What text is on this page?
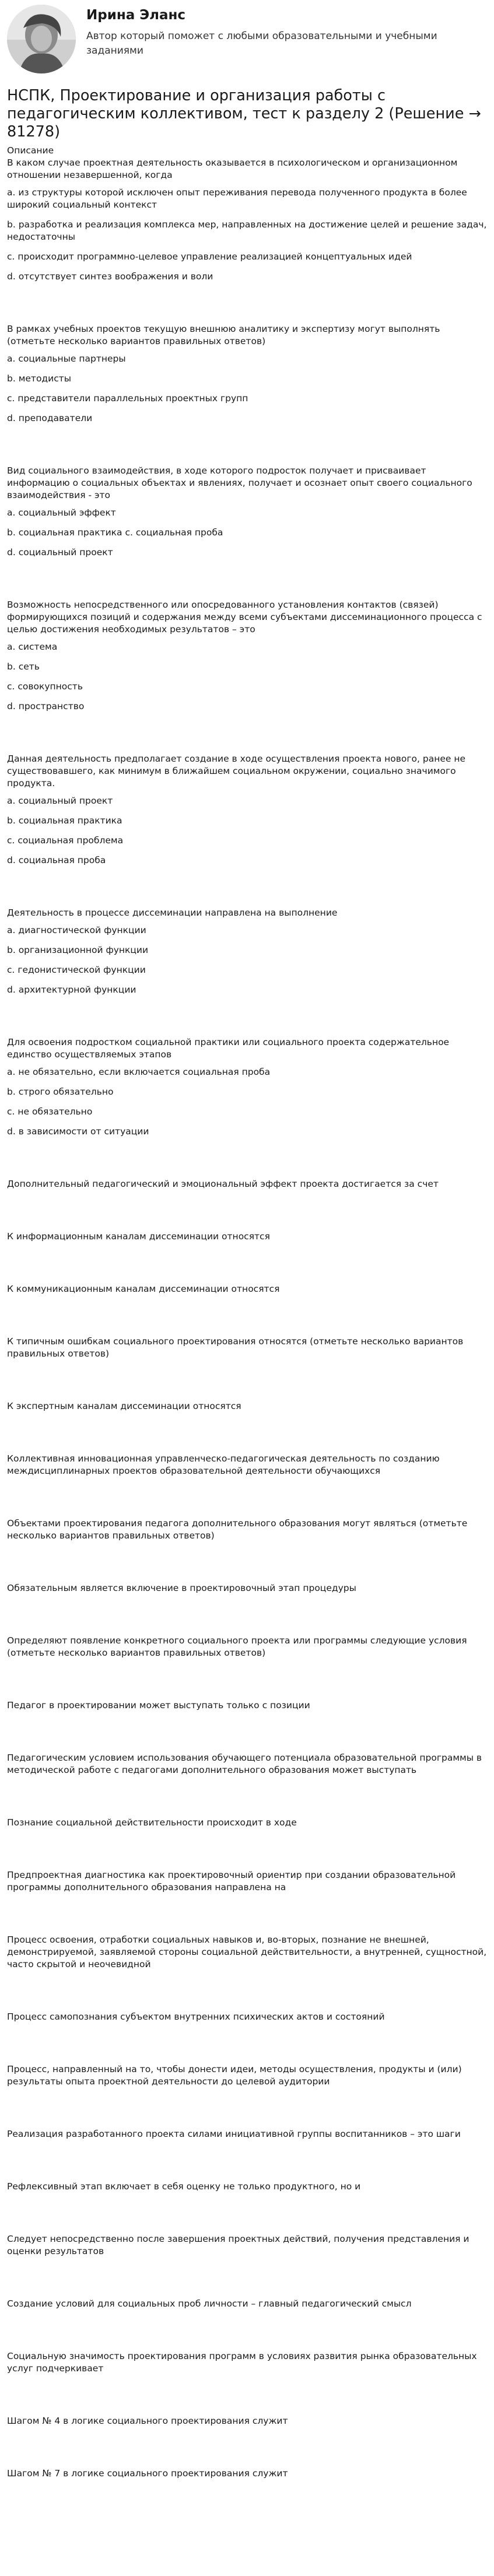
Ирина Эланс
Автор который поможет с любыми образовательными и учебными заданиями
НСПК, Проектирование и организация работы с педагогическим коллективом, тест к разделу 2 (Решение → 81278)
Описание
В каком случае проектная деятельность оказывается в психологическом и организационном отношении незавершенной, когда
a. из структуры которой исключен опыт переживания перевода полученного продукта в более широкий социальный контекст
b. разработка и реализация комплекса мер, направленных на достижение целей и решение задач, недостаточны
c. происходит программно-целевое управление реализацией концептуальных идей
d. отсутствует синтез воображения и воли
В рамках учебных проектов текущую внешнюю аналитику и экспертизу могут выполнять (отметьте несколько вариантов правильных ответов)
a. социальные партнеры
b. методисты
c. представители параллельных проектных групп
d. преподаватели
Вид социального взаимодействия, в ходе которого подросток получает и присваивает информацию о социальных объектах и явлениях, получает и осознает опыт своего социального взаимодействия - это
a. социальный эффект
b. социальная практика c. социальная проба
d. социальный проект
Возможность непосредственного или опосредованного установления контактов (связей) формирующихся позиций и содержания между всеми субъектами диссеминационного процесса с целью достижения необходимых результатов – это
a. система
b. сеть
c. совокупность
d. пространство
Данная деятельность предполагает создание в ходе осуществления проекта нового, ранее не существовавшего, как минимум в ближайшем социальном окружении, социально значимого продукта.
a. социальный проект
b. социальная практика
c. социальная проблема
d. социальная проба
Деятельность в процессе диссеминации направлена на выполнение
a. диагностической функции
b. организационной функции
c. гедонистической функции
d. архитектурной функции
Для освоения подростком социальной практики или социального проекта содержательное единство осуществляемых этапов
a. не обязательно, если включается социальная проба
b. строго обязательно
c. не обязательно
d. в зависимости от ситуации
Дополнительный педагогический и эмоциональный эффект проекта достигается за счет
К информационным каналам диссеминации относятся
К коммуникационным каналам диссеминации относятся
К типичным ошибкам социального проектирования относятся (отметьте несколько вариантов правильных ответов)
К экспертным каналам диссеминации относятся
Коллективная инновационная управленческо-педагогическая деятельность по созданию междисциплинарных проектов образовательной деятельности обучающихся
Объектами проектирования педагога дополнительного образования могут являться (отметьте несколько вариантов правильных ответов)
Обязательным является включение в проектировочный этап процедуры
Определяют появление конкретного социального проекта или программы следующие условия (отметьте несколько вариантов правильных ответов)
Педагог в проектировании может выступать только с позиции
Педагогическим условием использования обучающего потенциала образовательной программы в методической работе с педагогами дополнительного образования может выступать
Познание социальной действительности происходит в ходе
Предпроектная диагностика как проектировочный ориентир при создании образовательной программы дополнительного образования направлена на
Процесс освоения, отработки социальных навыков и, во-вторых, познание не внешней, демонстрируемой, заявляемой стороны социальной действительности, а внутренней, сущностной, часто скрытой и неочевидной
Процесс самопознания субъектом внутренних психических актов и состояний
Процесс, направленный на то, чтобы донести идеи, методы осуществления, продукты и (или) результаты опыта проектной деятельности до целевой аудитории
Реализация разработанного проекта силами инициативной группы воспитанников – это шаги
Рефлексивный этап включает в себя оценку не только продуктного, но и
Следует непосредственно после завершения проектных действий, получения представления и оценки результатов
Создание условий для социальных проб личности – главный педагогический смысл
Социальную значимость проектирования программ в условиях развития рынка образовательных услуг подчеркивает
Шагом № 4 в логике социального проектирования служит
Шагом № 7 в логике социального проектирования служит
